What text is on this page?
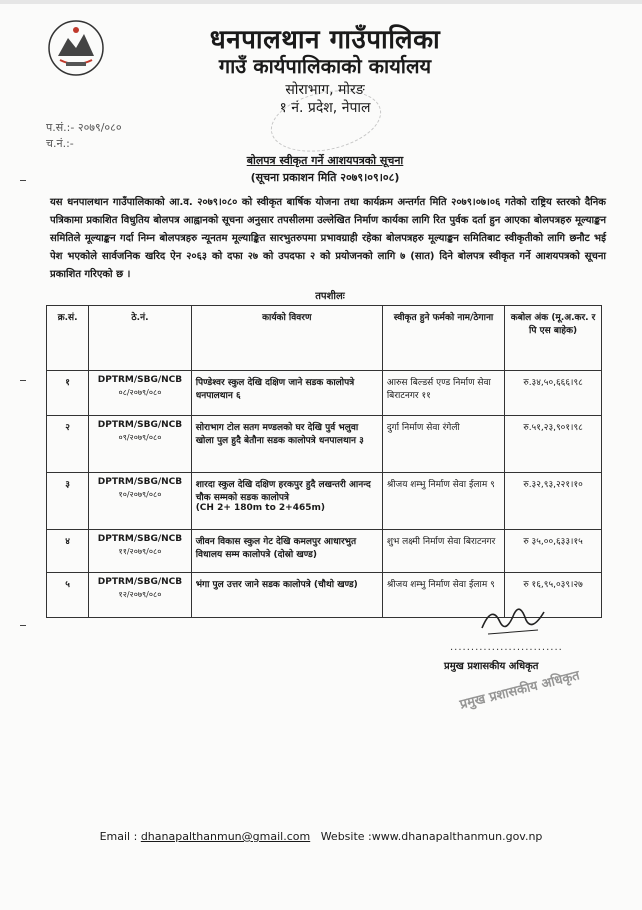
धनपालथान गाउँपालिका
गाउँ कार्यपालिकाको कार्यालय
सोराभाग, मोरङ
१ नं. प्रदेश, नेपाल
प.सं.:- २०७९/०८०
च.नं.:-
बोलपत्र स्वीकृत गर्ने आशयपत्रको सूचना
(सूचना प्रकाशन मिति २०७९।०९।०८)
यस धनपालथान गाउँपालिकाको आ.व. २०७९।०८० को स्वीकृत बार्षिक योजना तथा कार्यक्रम अन्तर्गत मिति २०७९।०७।०६ गतेको राष्ट्रिय स्तरको दैनिक पत्रिकामा प्रकाशित विधुतिय बोलपत्र आह्वानको सूचना अनुसार तपसीलमा उल्लेखित निर्माण कार्यका लागि रित पुर्वक दर्ता हुन आएका बोलपत्रहरु मूल्याङ्कन समितिले मूल्याङ्कन गर्दा निम्न बोलपत्रहरु न्यूनतम मूल्याङ्कित सारभुतरुपमा प्रभावग्राही रहेका बोलपत्रहरु मूल्याङ्कन समितिबाट स्वीकृतीको लागि छनौट भई पेश भएकोले सार्वजनिक खरिद ऐन २०६३ को दफा २७ को उपदफा २ को प्रयोजनको लागि ७ (सात) दिने बोलपत्र स्वीकृत गर्ने आशयपत्रको सूचना प्रकाशित गरिएको छ ।
तपशीलः
क्र.सं.	ठे.नं.	कार्यको विवरण	स्वीकृत हुने फर्मको नाम/ठेगाना	कबोल अंक (मू.अ.कर. र पि एस बाहेक)
१	DPTRM/SBG/NCB
०८/२०७९/०८०	पिण्डेश्वर स्कुल देखि दक्षिण जाने सडक कालोपत्रे धनपालथान ६	आरुस बिल्डर्स एण्ड निर्माण सेवा बिराटनगर ११	रु.३४,५०,६६६।९८
२	DPTRM/SBG/NCB
०९/२०७९/०८०	सोराभाग टोल सतग मण्डलको घर देखि पुर्व भलुवा खोला पुल हुदै बेतौना सडक कालोपत्रे धनपालथान ३	दुर्गा निर्माण सेवा रंगेली	रु.५१,२३,९०१।९८
३	DPTRM/SBG/NCB
१०/२०७९/०८०	शारदा स्कुल देखि दक्षिण हरकपुर हुदै लखन्तरी आनन्द चौक सम्मको सडक कालोपत्रे
(CH 2+ 180m to 2+465m)	श्रीजय शम्भु निर्माण सेवा ईलाम ९	रु.३२,९३,२२१।१०
४	DPTRM/SBG/NCB
११/२०७९/०८०	जीवन विकास स्कुल गेट देखि कमलपुर आधारभुत विधालय सम्म कालोपत्रे (दोस्रो खण्ड)	शुभ लक्ष्मी निर्माण सेवा बिराटनगर	रु ३५,००,६३३।१५
५	DPTRM/SBG/NCB
१२/२०७९/०८०	भंगा पुल उत्तर जाने सडक कालोपत्रे (चौथो खण्ड)	श्रीजय शम्भु निर्माण सेवा ईलाम ९	रु १६,९५,०३९।२७
...........................
प्रमुख प्रशासकीय अधिकृत
प्रमुख प्रशासकीय अधिकृत
Email : dhanapalthanmun@gmail.com Website :www.dhanapalthanmun.gov.np
